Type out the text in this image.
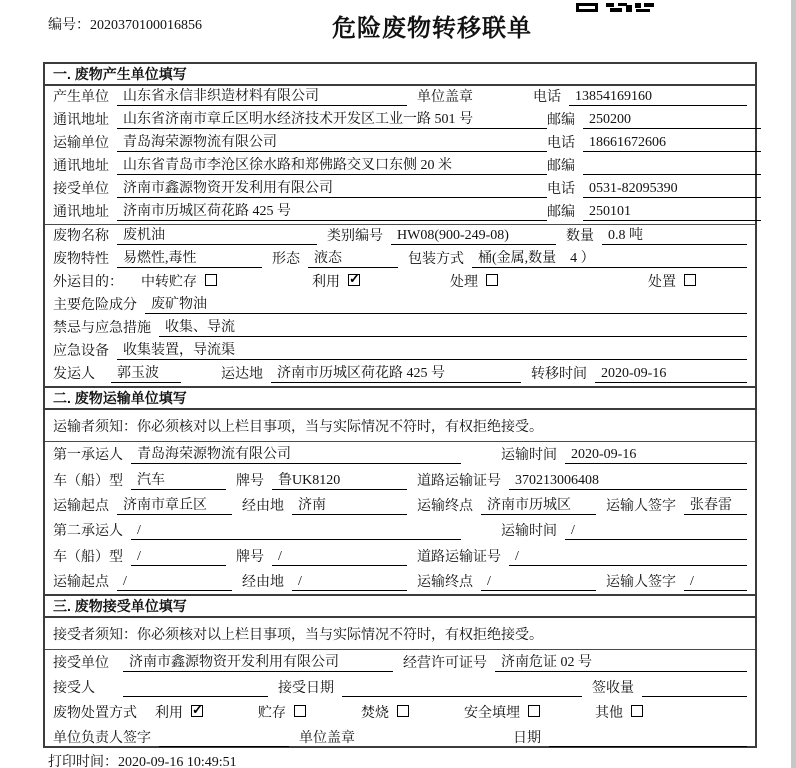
编号：2020370100016856	危险废物转移联单
一. 废物产生单位填写
产生单位	山东省永信非织造材料有限公司	单位盖章	电话	13854169160
通讯地址	山东省济南市章丘区明水经济技术开发区工业一路 501 号	邮编	250200
运输单位	青岛海荣源物流有限公司	电话	18661672606
通讯地址	山东省青岛市李沧区徐水路和郑佛路交叉口东侧 20 米	邮编
接受单位	济南市鑫源物资开发利用有限公司	电话	0531-82095390
通讯地址	济南市历城区荷花路 425 号	邮编	250101
废物名称	废机油	类别编号	HW08(900-249-08)	数量	0.8 吨
废物特性	易燃性,毒性	形态	液态	包装方式	桶(金属,数量　4 ）
外运目的：	中转贮存	利用 ✓	处理	处置
主要危险成分	废矿物油
禁忌与应急措施	收集、导流
应急设备	收集装置，导流渠
发运人	郭玉波	运达地	济南市历城区荷花路 425 号	转移时间	2020-09-16
二. 废物运输单位填写
运输者须知：你必须核对以上栏目事项，当与实际情况不符时，有权拒绝接受。
第一承运人	青岛海荣源物流有限公司	运输时间	2020-09-16
车（船）型	汽车	牌号	鲁UK8120	道路运输证号	370213006408
运输起点	济南市章丘区	经由地	济南	运输终点	济南市历城区	运输人签字	张春雷
第二承运人	/	运输时间	/
车（船）型	/	牌号	/	道路运输证号	/
运输起点	/	经由地	/	运输终点	/	运输人签字	/
三. 废物接受单位填写
接受者须知：你必须核对以上栏目事项，当与实际情况不符时，有权拒绝接受。
接受单位	济南市鑫源物资开发利用有限公司	经营许可证号	济南危证 02 号
接受人	接受日期	签收量
废物处置方式	利用 ✓	贮存	焚烧	安全填埋	其他
单位负责人签字	单位盖章	日期
打印时间：2020-09-16 10:49:51
